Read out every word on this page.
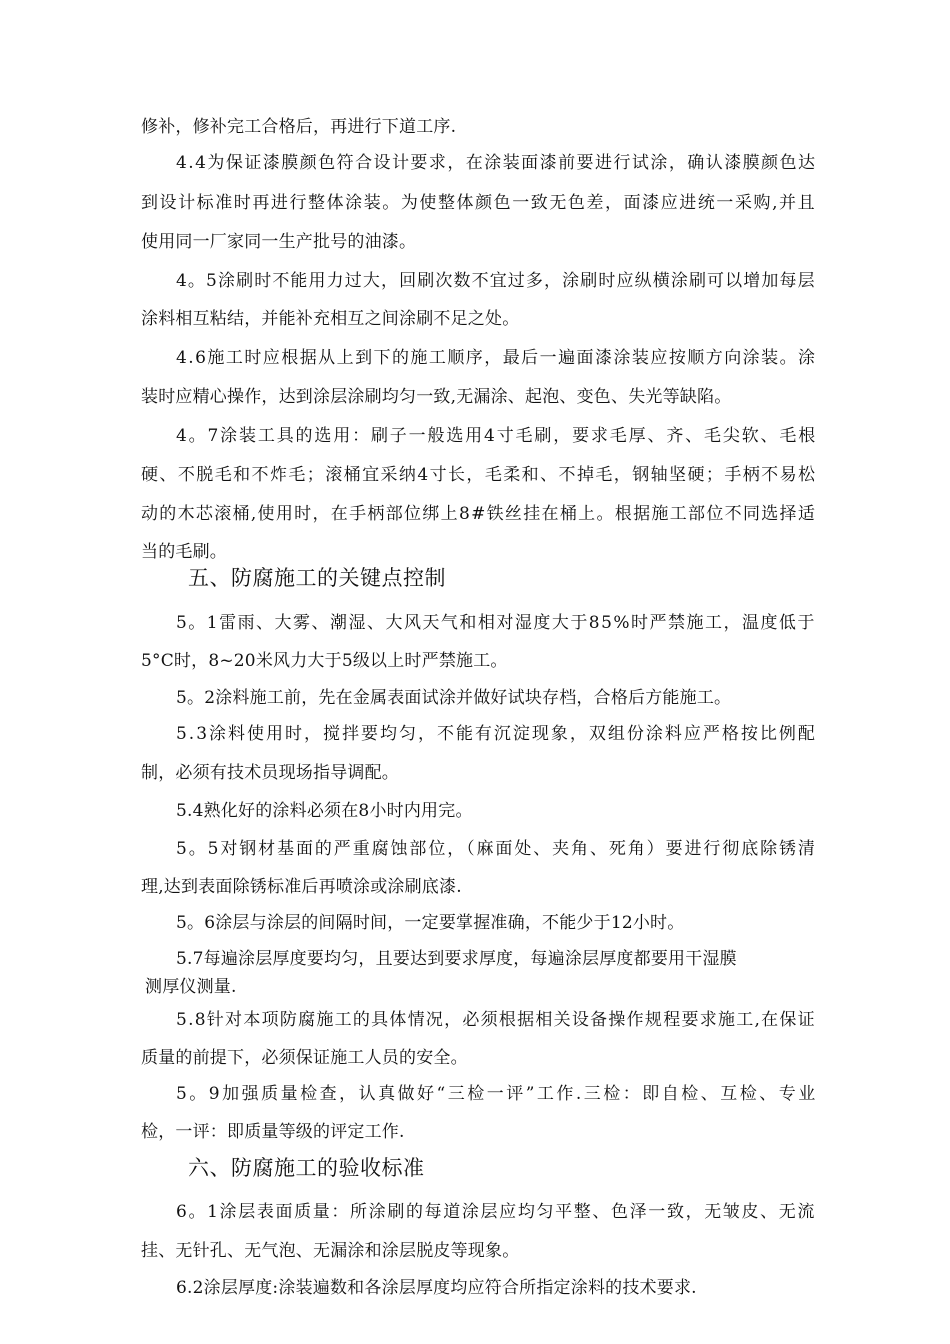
修补，修补完工合格后，再进行下道工序.
4.4为保证漆膜颜色符合设计要求，在涂装面漆前要进行试涂，确认漆膜颜色达
到设计标准时再进行整体涂装。为使整体颜色一致无色差，面漆应进统一采购,并且
使用同一厂家同一生产批号的油漆。
4。5涂刷时不能用力过大，回刷次数不宜过多，涂刷时应纵横涂刷可以增加每层
涂料相互粘结，并能补充相互之间涂刷不足之处。
4.6施工时应根据从上到下的施工顺序，最后一遍面漆涂装应按顺方向涂装。涂
装时应精心操作，达到涂层涂刷均匀一致,无漏涂、起泡、变色、失光等缺陷。
4。7涂装工具的选用：刷子一般选用4寸毛刷，要求毛厚、齐、毛尖软、毛根
硬、不脱毛和不炸毛；滚桶宜采纳4寸长，毛柔和、不掉毛，钢轴坚硬；手柄不易松
动的木芯滚桶,使用时，在手柄部位绑上8#铁丝挂在桶上。根据施工部位不同选择适
当的毛刷。
五、防腐施工的关键点控制
5。1雷雨、大雾、潮湿、大风天气和相对湿度大于85%时严禁施工，温度低于
5°C时，8~20米风力大于5级以上时严禁施工。
5。2涂料施工前，先在金属表面试涂并做好试块存档，合格后方能施工。
5.3涂料使用时，搅拌要均匀，不能有沉淀现象，双组份涂料应严格按比例配
制，必须有技术员现场指导调配。
5.4熟化好的涂料必须在8小时内用完。
5。5对钢材基面的严重腐蚀部位，（麻面处、夹角、死角）要进行彻底除锈清
理,达到表面除锈标准后再喷涂或涂刷底漆.
5。6涂层与涂层的间隔时间，一定要掌握准确，不能少于12小时。
5.7每遍涂层厚度要均匀，且要达到要求厚度，每遍涂层厚度都要用干湿膜
测厚仪测量.
5.8针对本项防腐施工的具体情况，必须根据相关设备操作规程要求施工,在保证
质量的前提下，必须保证施工人员的安全。
5。9加强质量检查，认真做好“三检一评”工作.三检：即自检、互检、专业
检，一评：即质量等级的评定工作.
六、防腐施工的验收标准
6。1涂层表面质量：所涂刷的每道涂层应均匀平整、色泽一致，无皱皮、无流
挂、无针孔、无气泡、无漏涂和涂层脱皮等现象。
6.2涂层厚度:涂装遍数和各涂层厚度均应符合所指定涂料的技术要求.
